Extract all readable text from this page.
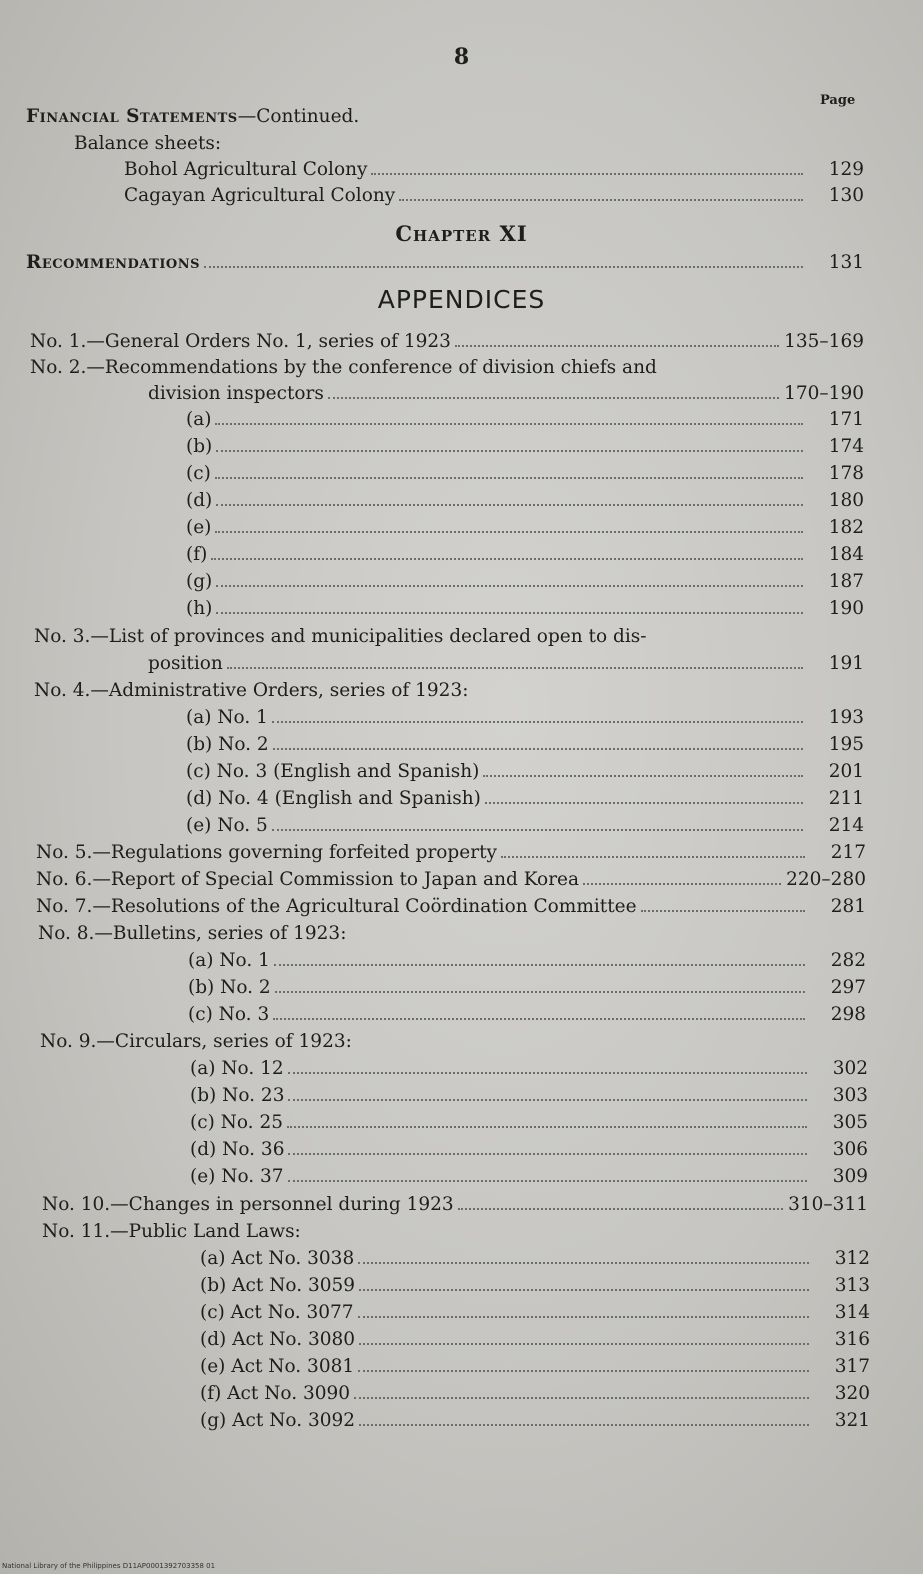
8
Page
Financial Statements—Continued.
Balance sheets:
Bohol Agricultural Colony	129
Cagayan Agricultural Colony	130
Chapter XI
Recommendations	131
APPENDICES
No. 1.—General Orders No. 1, series of 1923	135–169
No. 2.—Recommendations by the conference of division chiefs and
division inspectors	170–190
(a)	171
(b)	174
(c)	178
(d)	180
(e)	182
(f)	184
(g)	187
(h)	190
No. 3.—List of provinces and municipalities declared open to dis-
position	191
No. 4.—Administrative Orders, series of 1923:
(a) No. 1	193
(b) No. 2	195
(c) No. 3 (English and Spanish)	201
(d) No. 4 (English and Spanish)	211
(e) No. 5	214
No. 5.—Regulations governing forfeited property	217
No. 6.—Report of Special Commission to Japan and Korea	220–280
No. 7.—Resolutions of the Agricultural Coördination Committee	281
No. 8.—Bulletins, series of 1923:
(a) No. 1	282
(b) No. 2	297
(c) No. 3	298
No. 9.—Circulars, series of 1923:
(a) No. 12	302
(b) No. 23	303
(c) No. 25	305
(d) No. 36	306
(e) No. 37	309
No. 10.—Changes in personnel during 1923	310–311
No. 11.—Public Land Laws:
(a) Act No. 3038	312
(b) Act No. 3059	313
(c) Act No. 3077	314
(d) Act No. 3080	316
(e) Act No. 3081	317
(f) Act No. 3090	320
(g) Act No. 3092	321
National Library of the Philippines D11AP0001392703358 01
